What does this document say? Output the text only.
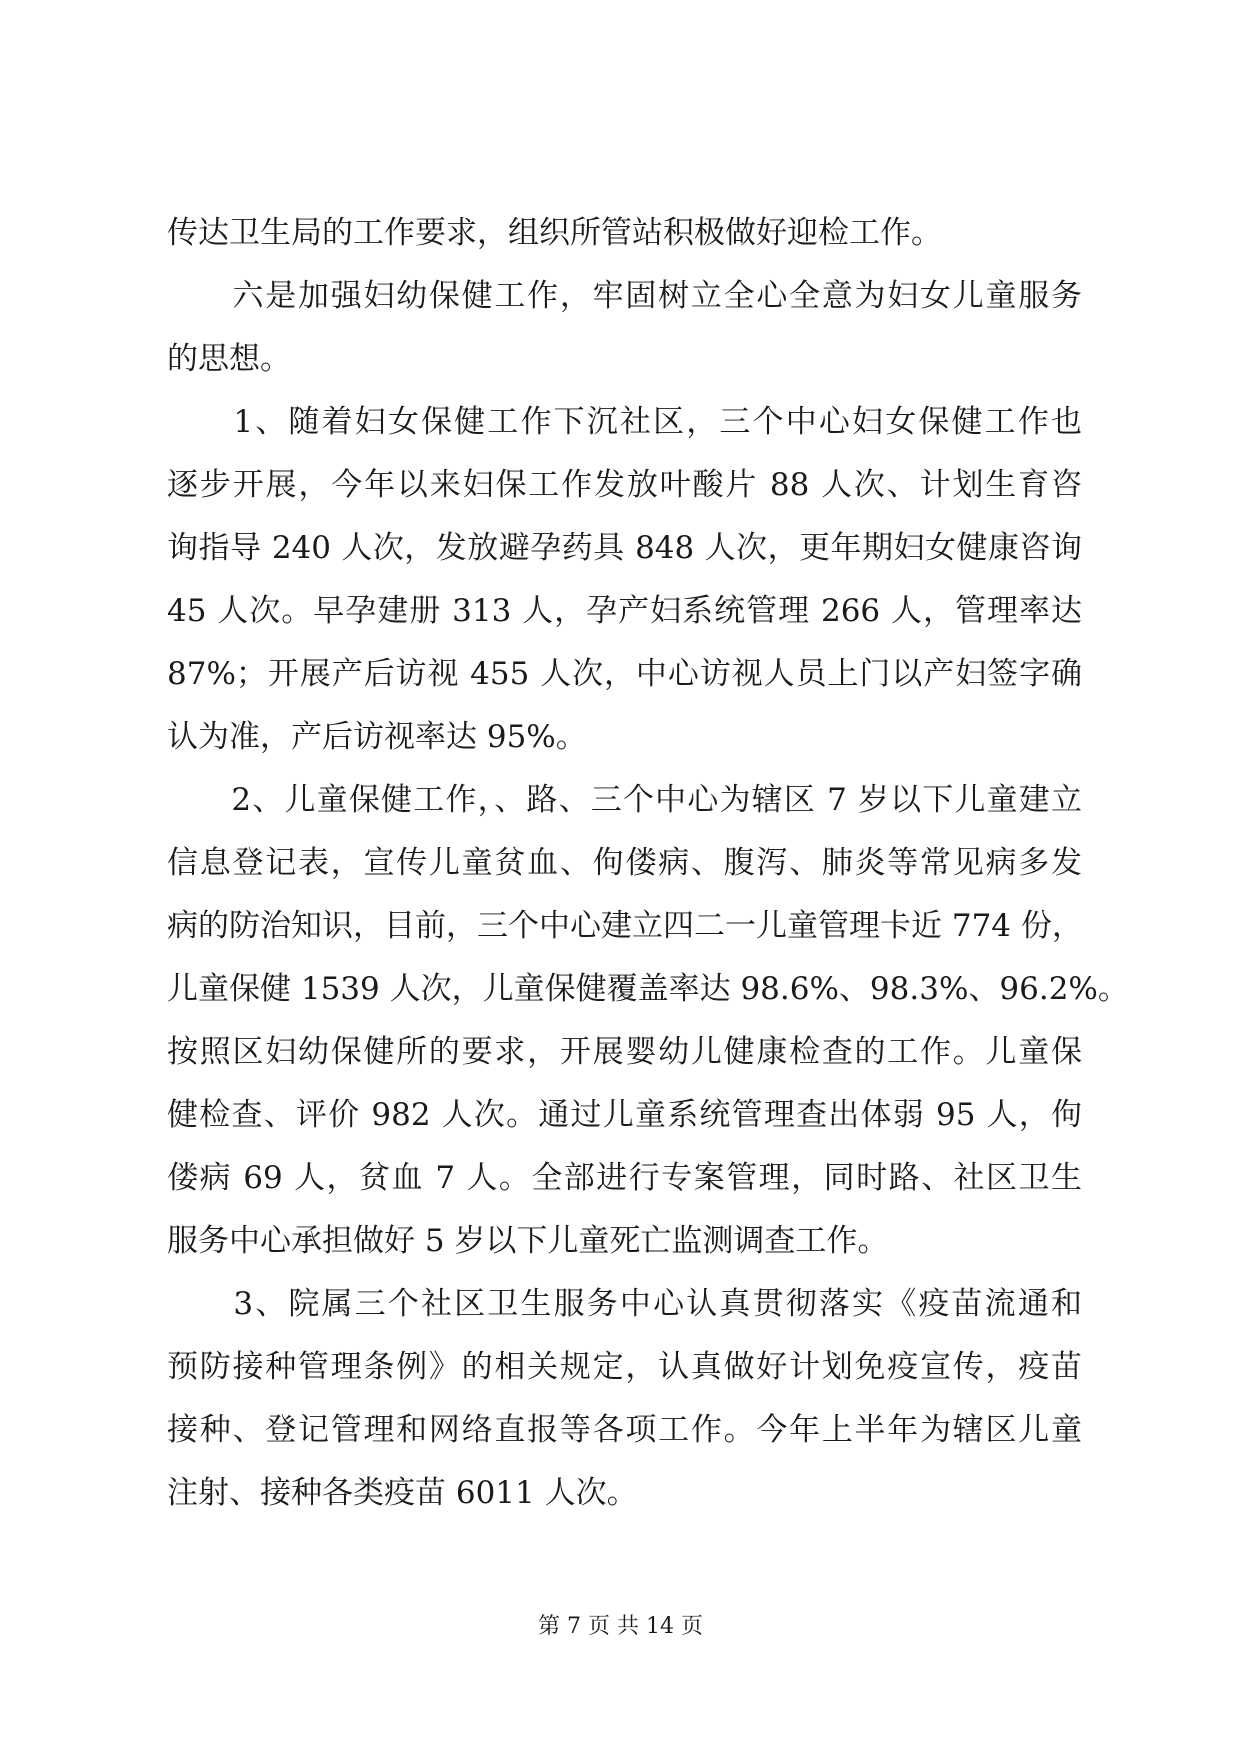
传达卫生局的工作要求，组织所管站积极做好迎检工作。
　　六是加强妇幼保健工作，牢固树立全心全意为妇女儿童服务
的思想。
　　1、随着妇女保健工作下沉社区，三个中心妇女保健工作也
逐步开展，今年以来妇保工作发放叶酸片 88 人次、计划生育咨
询指导 240 人次，发放避孕药具 848 人次，更年期妇女健康咨询
45 人次。早孕建册 313 人，孕产妇系统管理 266 人，管理率达
87%；开展产后访视 455 人次，中心访视人员上门以产妇签字确
认为准，产后访视率达 95%。
　　2、儿童保健工作，、路、三个中心为辖区 7 岁以下儿童建立
信息登记表，宣传儿童贫血、佝偻病、腹泻、肺炎等常见病多发
病的防治知识，目前，三个中心建立四二一儿童管理卡近 774 份，
儿童保健 1539 人次，儿童保健覆盖率达 98.6%、98.3%、96.2%。
按照区妇幼保健所的要求，开展婴幼儿健康检查的工作。儿童保
健检查、评价 982 人次。通过儿童系统管理查出体弱 95 人，佝
偻病 69 人，贫血 7 人。全部进行专案管理，同时路、社区卫生
服务中心承担做好 5 岁以下儿童死亡监测调查工作。
　　3、院属三个社区卫生服务中心认真贯彻落实《疫苗流通和
预防接种管理条例》的相关规定，认真做好计划免疫宣传，疫苗
接种、登记管理和网络直报等各项工作。今年上半年为辖区儿童
注射、接种各类疫苗 6011 人次。
第 7 页 共 14 页
